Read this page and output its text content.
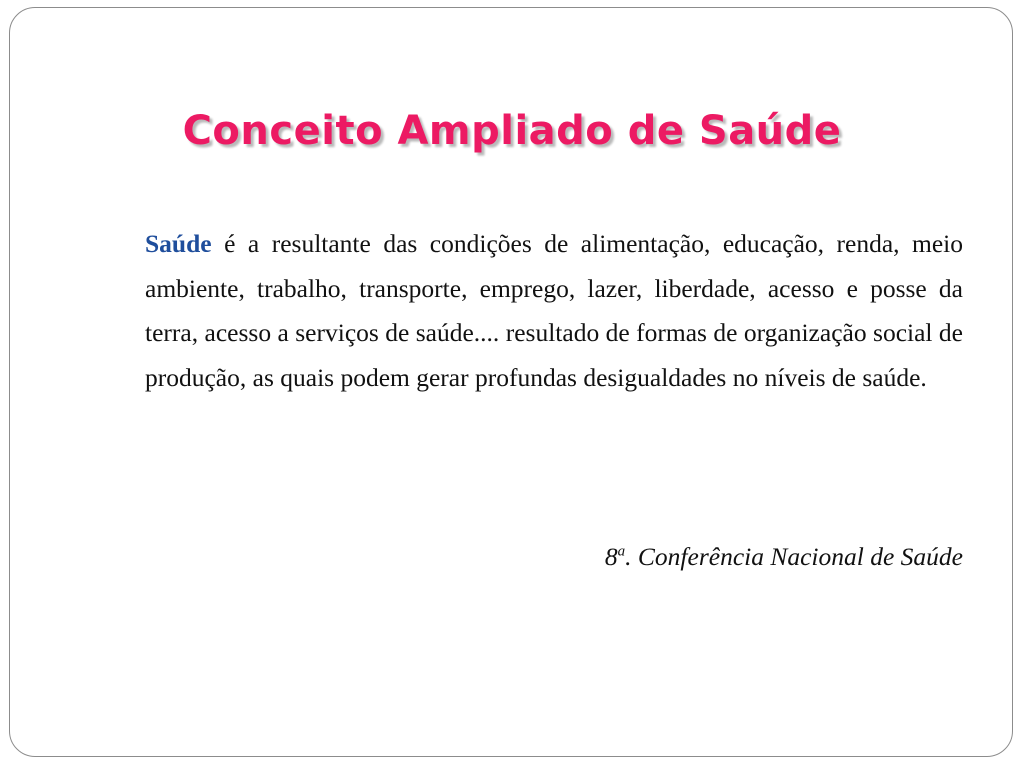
Conceito Ampliado de Saúde

Saúde é a resultante das condições de alimentação, educação, renda, meio ambiente, trabalho, transporte, emprego, lazer, liberdade, acesso e posse da terra, acesso a serviços de saúde.... resultado de formas de organização social de produção, as quais podem gerar profundas desigualdades no níveis de saúde.

8$^a$. Conferência Nacional de Saúde
